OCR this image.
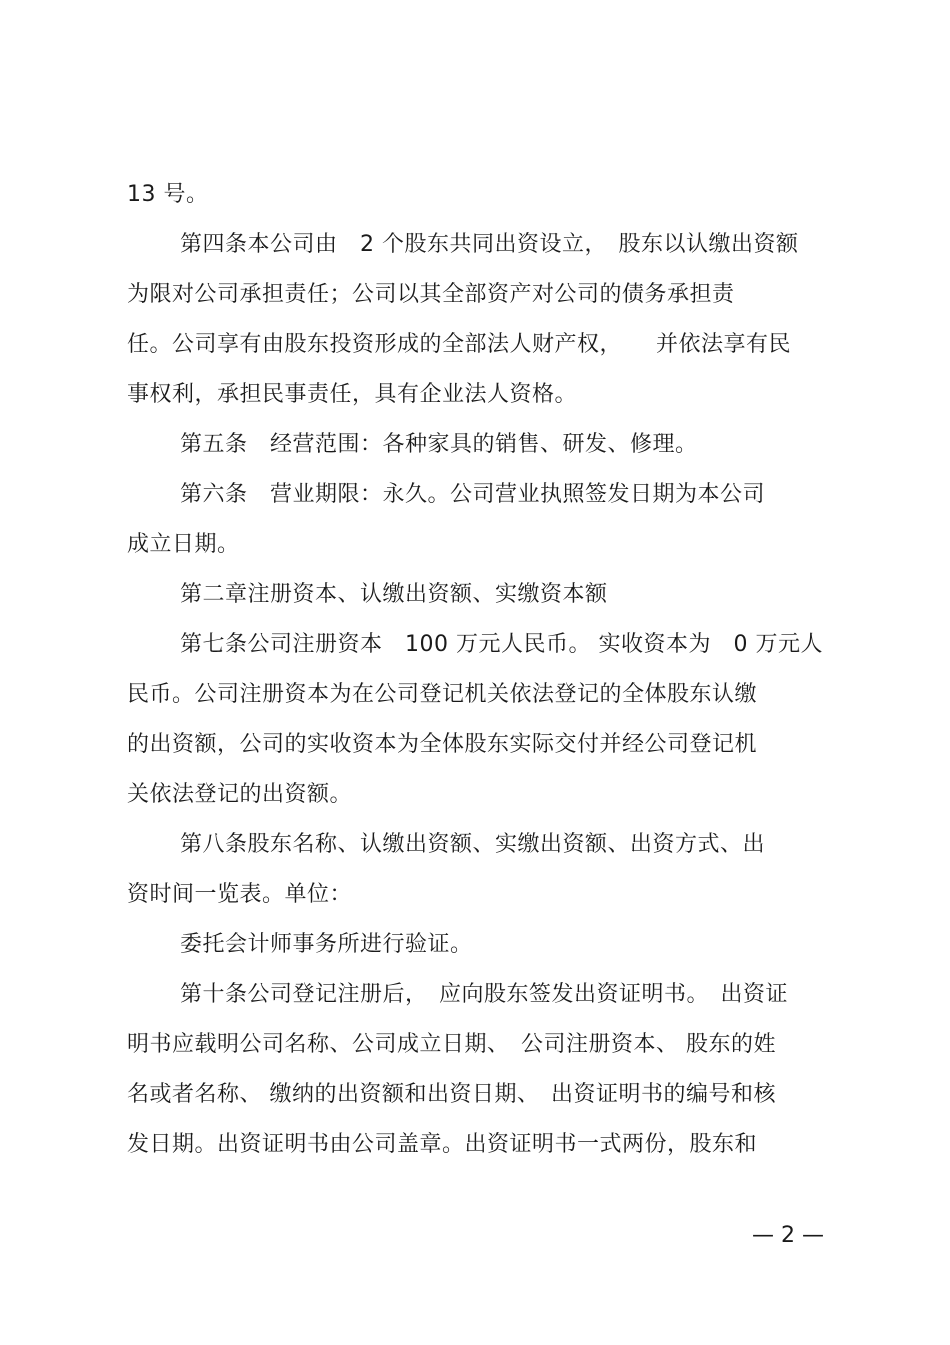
13 号。
第四条本公司由　2 个股东共同出资设立，　股东以认缴出资额
为限对公司承担责任；公司以其全部资产对公司的债务承担责
任。公司享有由股东投资形成的全部法人财产权，　　并依法享有民
事权利，承担民事责任，具有企业法人资格。
第五条　经营范围：各种家具的销售、研发、修理。
第六条　营业期限：永久。公司营业执照签发日期为本公司
成立日期。
第二章注册资本、认缴出资额、实缴资本额
第七条公司注册资本　100 万元人民币。 实收资本为　0 万元人
民币。公司注册资本为在公司登记机关依法登记的全体股东认缴
的出资额，公司的实收资本为全体股东实际交付并经公司登记机
关依法登记的出资额。
第八条股东名称、认缴出资额、实缴出资额、出资方式、出
资时间一览表。单位：
委托会计师事务所进行验证。
第十条公司登记注册后，　应向股东签发出资证明书。　出资证
明书应载明公司名称、公司成立日期、　公司注册资本、 股东的姓
名或者名称、 缴纳的出资额和出资日期、　出资证明书的编号和核
发日期。出资证明书由公司盖章。出资证明书一式两份，股东和
— 2 —
